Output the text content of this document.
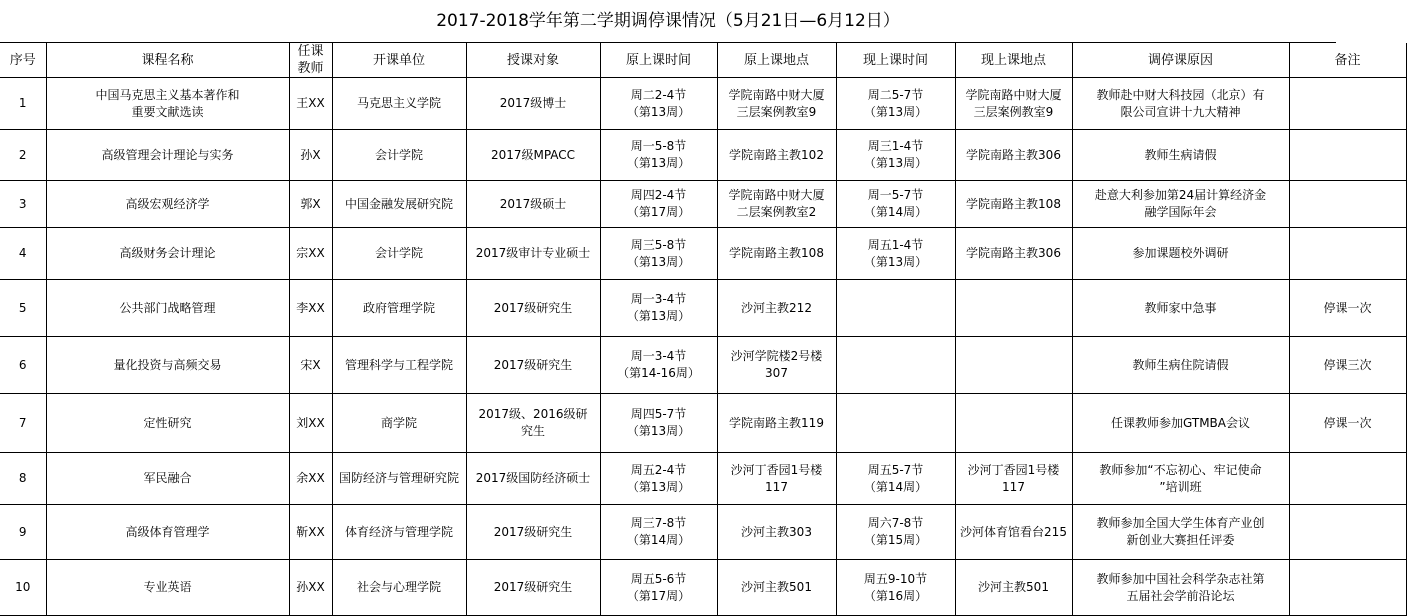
2017-2018学年第二学期调停课情况（5月21日—6月12日）
序号	课程名称	任课教师	开课单位	授课对象	原上课时间	原上课地点	现上课时间	现上课地点	调停课原因	备注
1	中国马克思主义基本著作和
重要文献选读	王XX	马克思主义学院	2017级博士	周二2-4节
（第13周）	学院南路中财大厦
三层案例教室9	周二5-7节
（第13周）	学院南路中财大厦
三层案例教室9	教师赴中财大科技园（北京）有
限公司宣讲十九大精神	
2	高级管理会计理论与实务	孙X	会计学院	2017级MPACC	周一5-8节
（第13周）	学院南路主教102	周三1-4节
（第13周）	学院南路主教306	教师生病请假	
3	高级宏观经济学	郭X	中国金融发展研究院	2017级硕士	周四2-4节
（第17周）	学院南路中财大厦
二层案例教室2	周一5-7节
（第14周）	学院南路主教108	赴意大利参加第24届计算经济金
融学国际年会	
4	高级财务会计理论	宗XX	会计学院	2017级审计专业硕士	周三5-8节
（第13周）	学院南路主教108	周五1-4节
（第13周）	学院南路主教306	参加课题校外调研	
5	公共部门战略管理	李XX	政府管理学院	2017级研究生	周一3-4节
（第13周）	沙河主教212			教师家中急事	停课一次
6	量化投资与高频交易	宋X	管理科学与工程学院	2017级研究生	周一3-4节
（第14-16周）	沙河学院楼2号楼
307			教师生病住院请假	停课三次
7	定性研究	刘XX	商学院	2017级、2016级研
究生	周四5-7节
（第13周）	学院南路主教119			任课教师参加GTMBA会议	停课一次
8	军民融合	余XX	国防经济与管理研究院	2017级国防经济硕士	周五2-4节
（第13周）	沙河丁香园1号楼
117	周五5-7节
（第14周）	沙河丁香园1号楼
117	教师参加“不忘初心、牢记使命
”培训班	
9	高级体育管理学	靳XX	体育经济与管理学院	2017级研究生	周三7-8节
（第14周）	沙河主教303	周六7-8节
（第15周）	沙河体育馆看台215	教师参加全国大学生体育产业创
新创业大赛担任评委	
10	专业英语	孙XX	社会与心理学院	2017级研究生	周五5-6节
（第17周）	沙河主教501	周五9-10节
（第16周）	沙河主教501	教师参加中国社会科学杂志社第
五届社会学前沿论坛	
